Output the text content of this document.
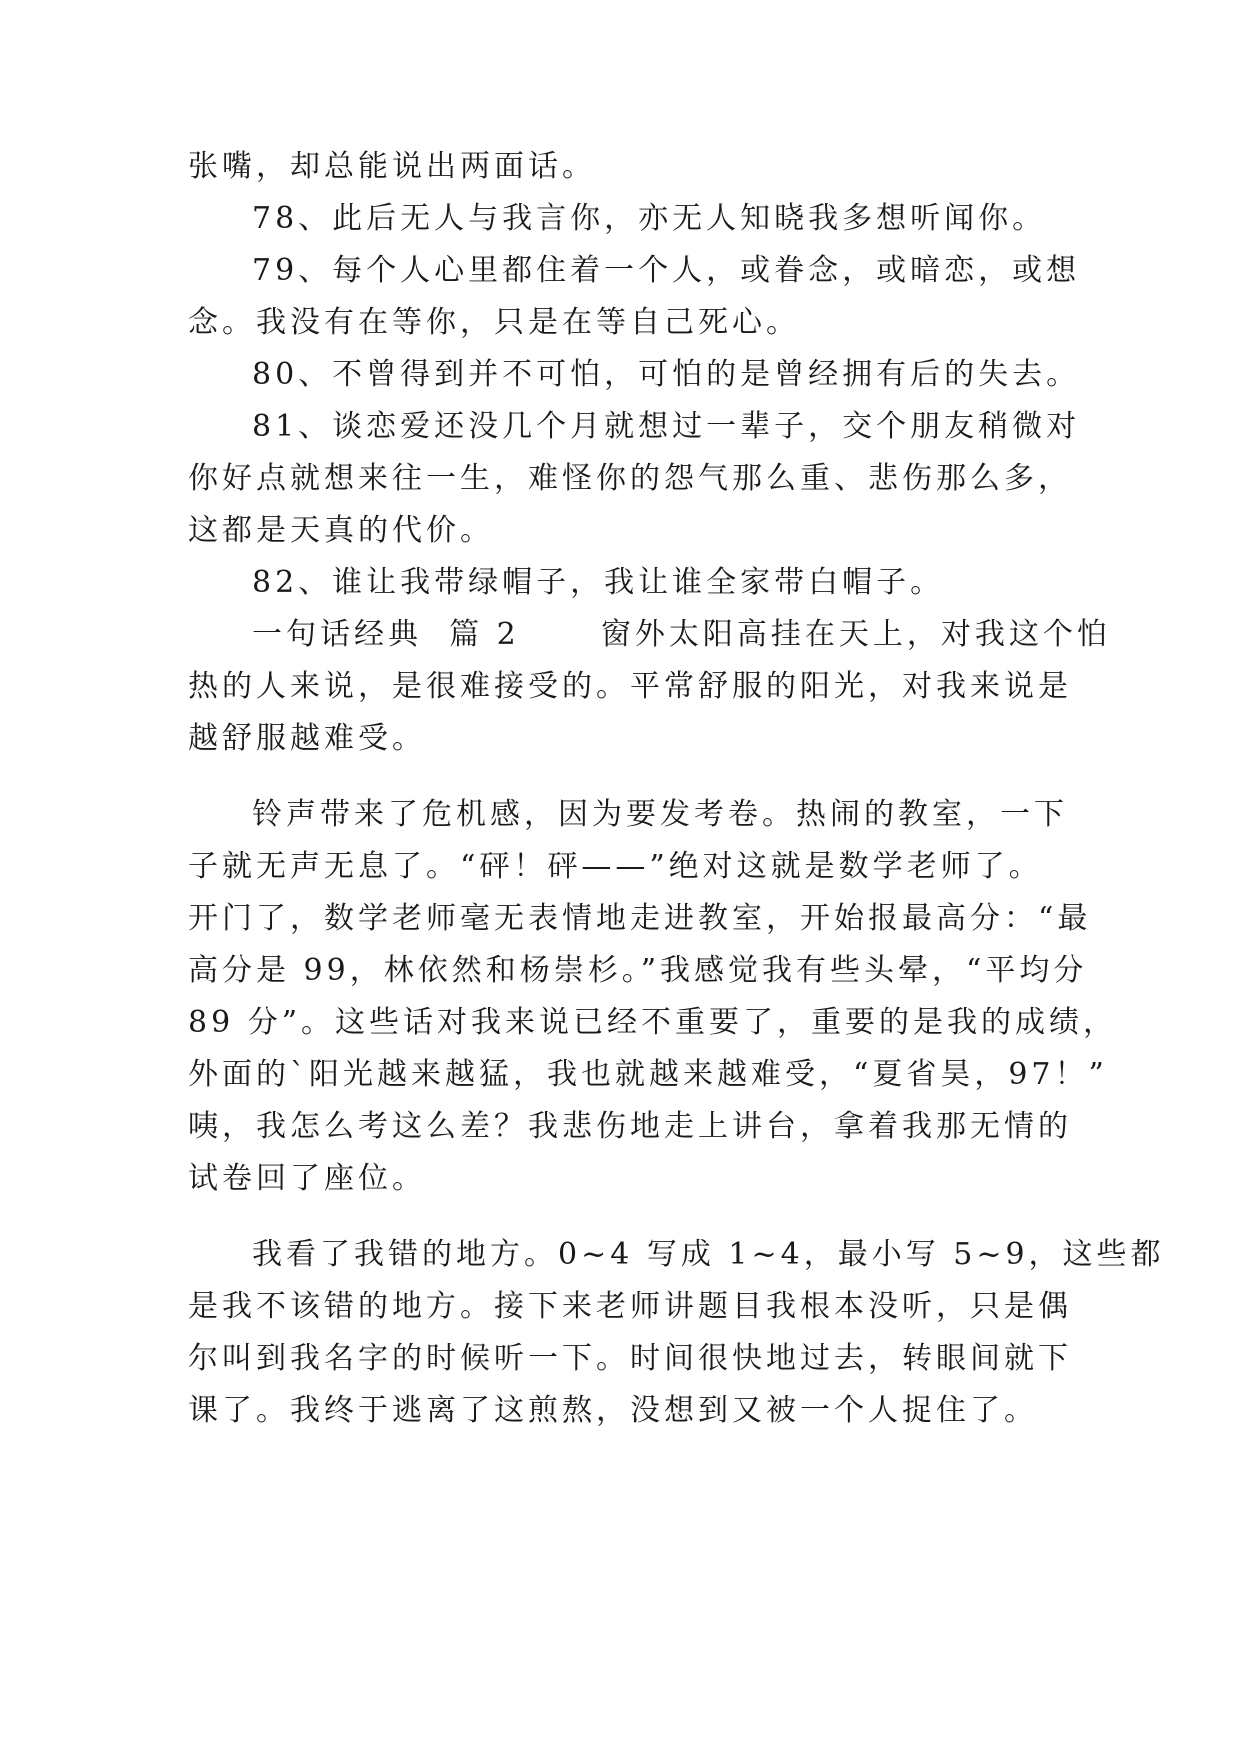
张嘴，却总能说出两面话。
78、此后无人与我言你，亦无人知晓我多想听闻你。
79、每个人心里都住着一个人，或眷念，或暗恋，或想
念。我没有在等你，只是在等自己死心。
80、不曾得到并不可怕，可怕的是曾经拥有后的失去。
81、谈恋爱还没几个月就想过一辈子，交个朋友稍微对
你好点就想来往一生，难怪你的怨气那么重、悲伤那么多，
这都是天真的代价。
82、谁让我带绿帽子，我让谁全家带白帽子。
一句话经典  篇 2      窗外太阳高挂在天上，对我这个怕
热的人来说，是很难接受的。平常舒服的阳光，对我来说是
越舒服越难受。
铃声带来了危机感，因为要发考卷。热闹的教室，一下
子就无声无息了。“砰！砰——”绝对这就是数学老师了。
开门了，数学老师毫无表情地走进教室，开始报最高分：“最
高分是 99，林依然和杨崇杉。”我感觉我有些头晕，“平均分
89 分”。这些话对我来说已经不重要了，重要的是我的成绩，
外面的`阳光越来越猛，我也就越来越难受，“夏省昊，97！”
咦，我怎么考这么差？我悲伤地走上讲台，拿着我那无情的
试卷回了座位。
我看了我错的地方。0~4 写成 1~4，最小写 5~9，这些都
是我不该错的地方。接下来老师讲题目我根本没听，只是偶
尔叫到我名字的时候听一下。时间很快地过去，转眼间就下
课了。我终于逃离了这煎熬，没想到又被一个人捉住了。
